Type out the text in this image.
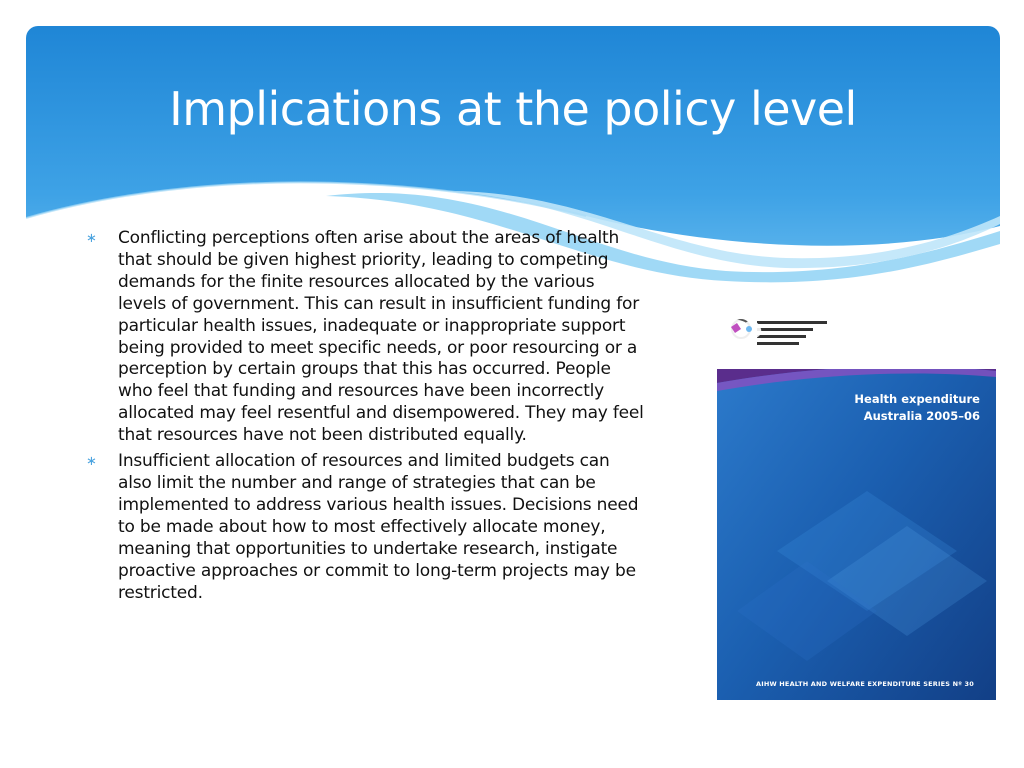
Implications at the policy level
∗ Conflicting perceptions often arise about the areas of health that should be given highest priority, leading to competing demands for the finite resources allocated by the various levels of government. This can result in insufficient funding for particular health issues, inadequate or inappropriate support being provided to meet specific needs, or poor resourcing or a perception by certain groups that this has occurred. People who feel that funding and resources have been incorrectly allocated may feel resentful and disempowered. They may feel that resources have not been distributed equally.
∗ Insufficient allocation of resources and limited budgets can also limit the number and range of strategies that can be implemented to address various health issues. Decisions need to be made about how to most effectively allocate money, meaning that opportunities to undertake research, instigate proactive approaches or commit to long-term projects may be restricted.
Health expenditure
Australia 2005–06
AIHW HEALTH AND WELFARE EXPENDITURE SERIES Nº 30
